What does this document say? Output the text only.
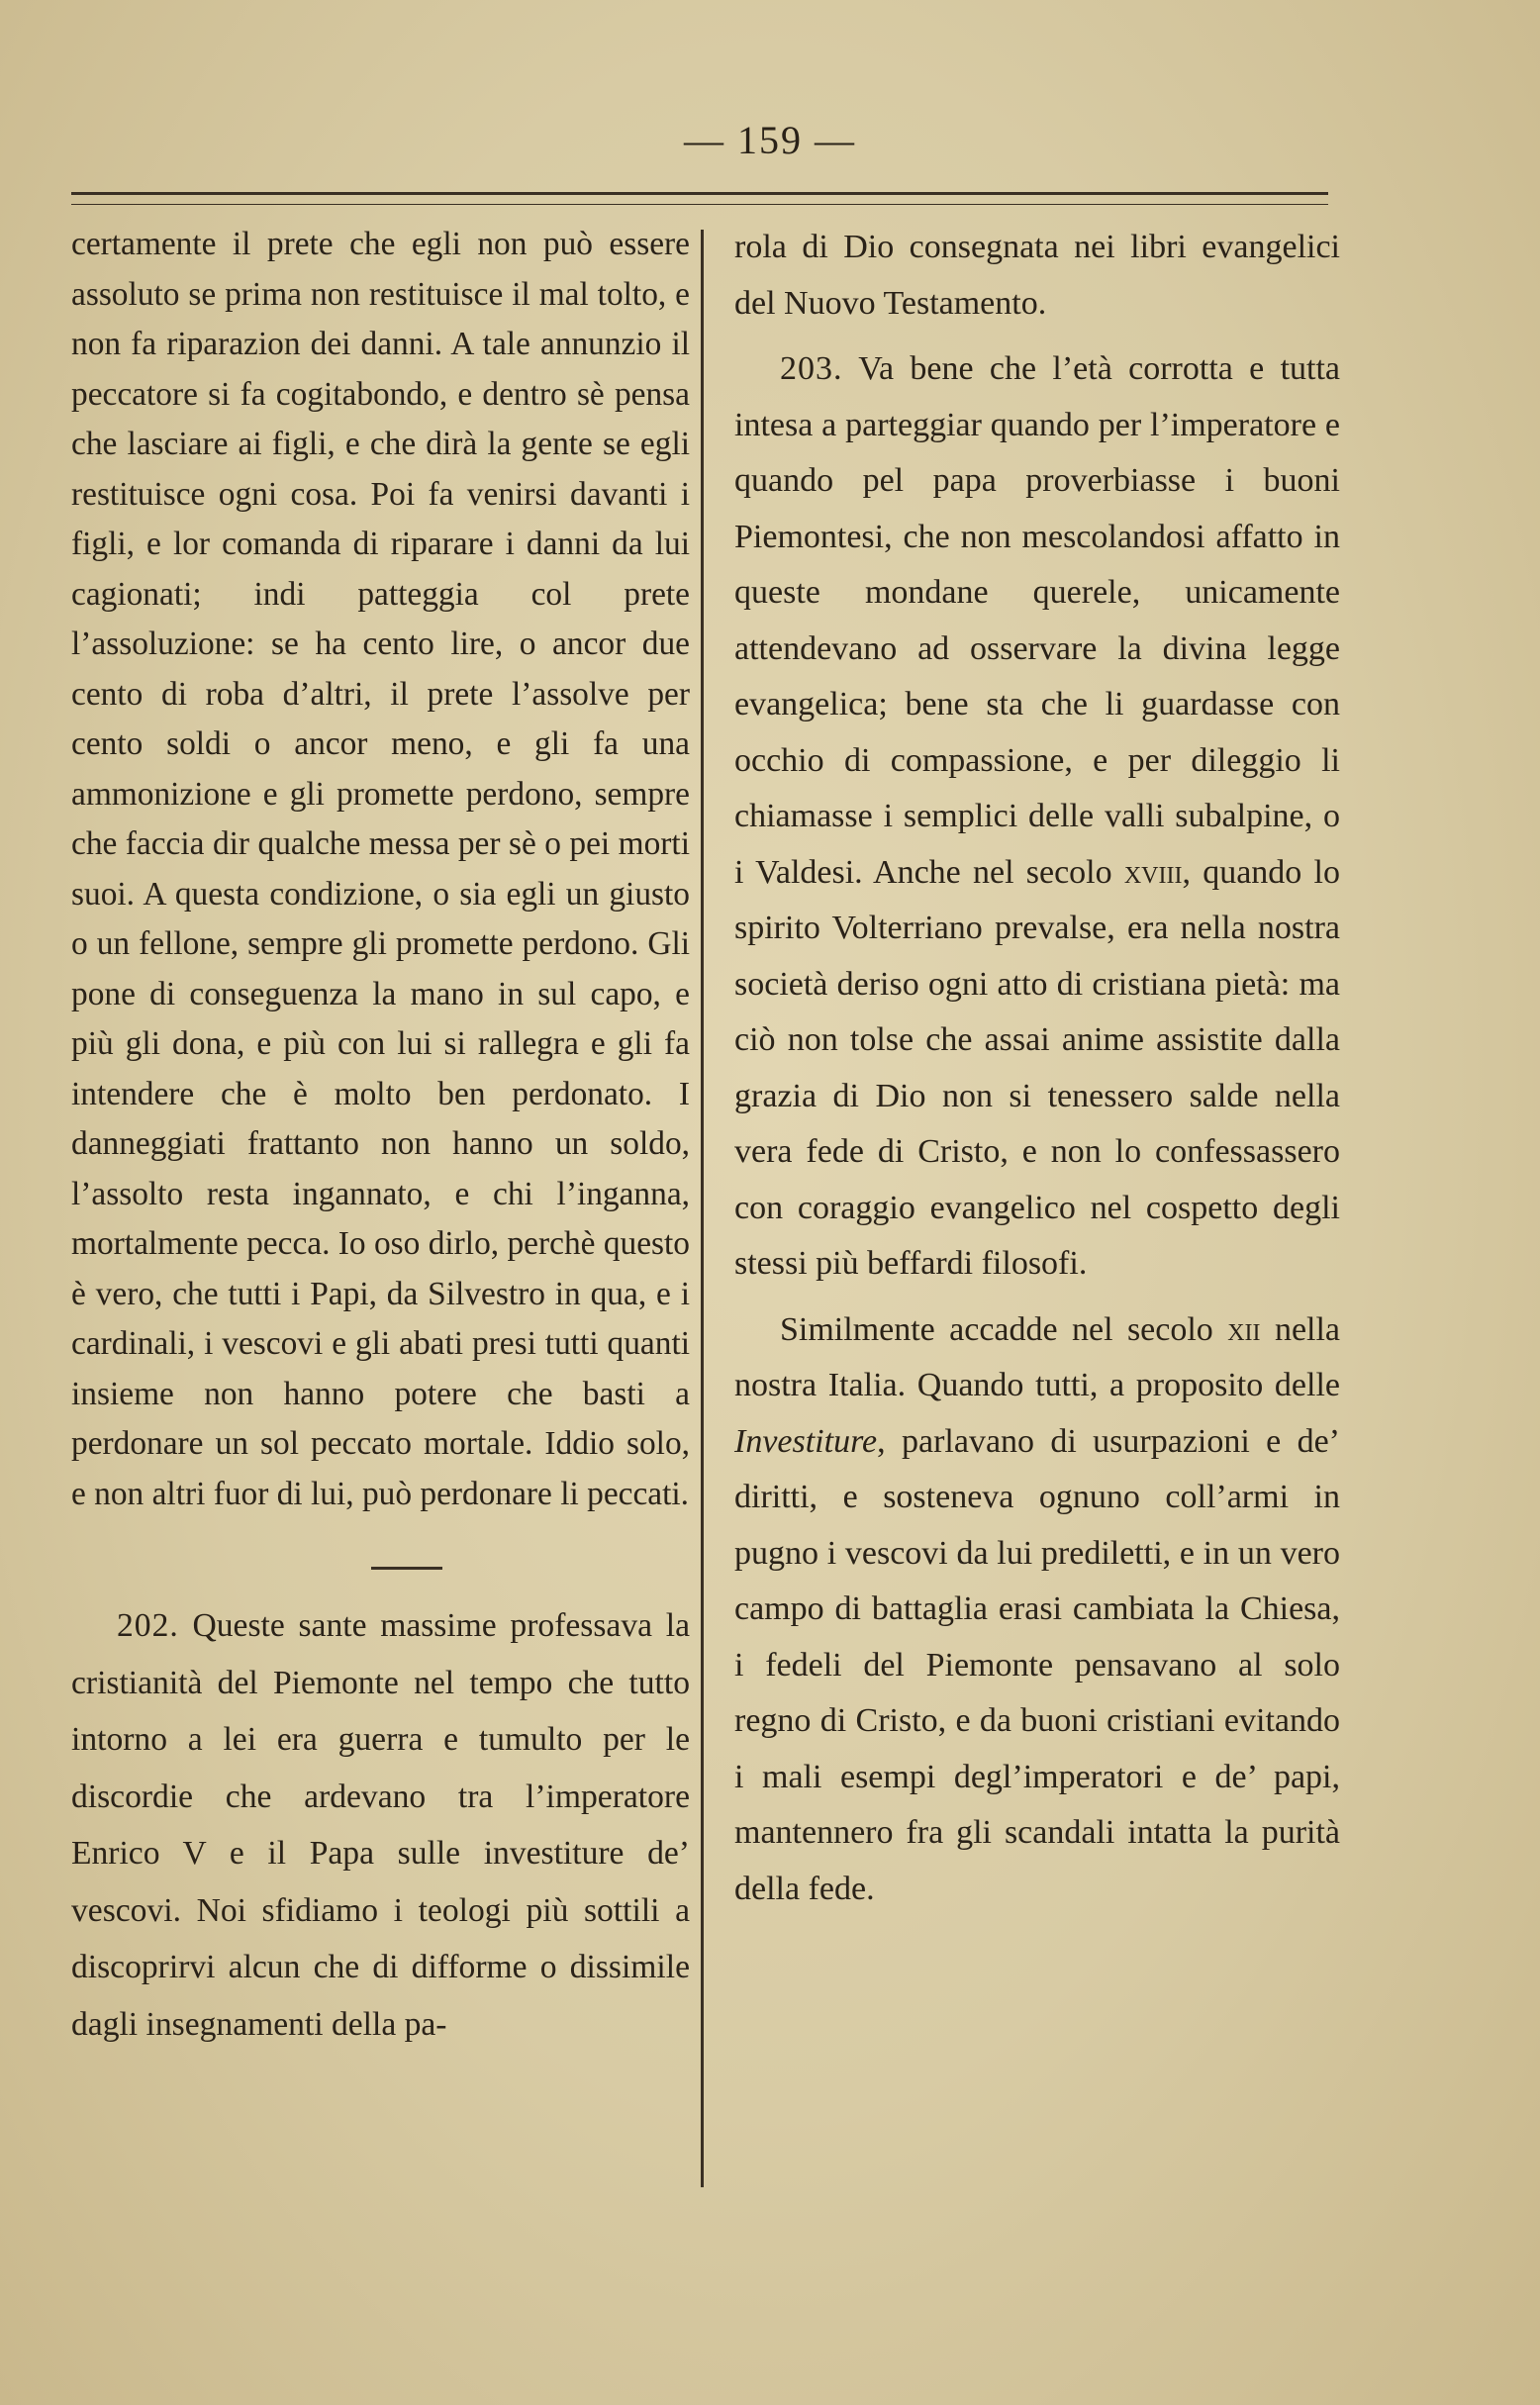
— 159 —

certamente il prete che egli non può essere assoluto se prima non restituisce il mal tolto, e non fa riparazion dei danni. A tale annunzio il peccatore si fa cogitabondo, e dentro sè pensa che lasciare ai figli, e che dirà la gente se egli restituisce ogni cosa. Poi fa venirsi davanti i figli, e lor comanda di riparare i danni da lui cagionati; indi patteggia col prete l’assoluzione: se ha cento lire, o ancor due cento di roba d’altri, il prete l’assolve per cento soldi o ancor meno, e gli fa una ammonizione e gli promette perdono, sempre che faccia dir qualche messa per sè o pei morti suoi. A questa condizione, o sia egli un giusto o un fellone, sempre gli promette perdono. Gli pone di conseguenza la mano in sul capo, e più gli dona, e più con lui si rallegra e gli fa intendere che è molto ben perdonato. I danneggiati frattanto non hanno un soldo, l’assolto resta ingannato, e chi l’inganna, mortalmente pecca. Io oso dirlo, perchè questo è vero, che tutti i Papi, da Silvestro in qua, e i cardinali, i vescovi e gli abati presi tutti quanti insieme non hanno potere che basti a perdonare un sol peccato mortale. Iddio solo, e non altri fuor di lui, può perdonare li peccati.

202. Queste sante massime professava la cristianità del Piemonte nel tempo che tutto intorno a lei era guerra e tumulto per le discordie che ardevano tra l’imperatore Enrico V e il Papa sulle investiture de’ vescovi. Noi sfidiamo i teologi più sottili a discoprirvi alcun che di difforme o dissimile dagli insegnamenti della pa-

rola di Dio consegnata nei libri evangelici del Nuovo Testamento.

203. Va bene che l’età corrotta e tutta intesa a parteggiar quando per l’imperatore e quando pel papa proverbiasse i buoni Piemontesi, che non mescolandosi affatto in queste mondane querele, unicamente attendevano ad osservare la divina legge evangelica; bene sta che li guardasse con occhio di compassione, e per dileggio li chiamasse i semplici delle valli subalpine, o i Valdesi. Anche nel secolo xviii, quando lo spirito Volterriano prevalse, era nella nostra società deriso ogni atto di cristiana pietà: ma ciò non tolse che assai anime assistite dalla grazia di Dio non si tenessero salde nella vera fede di Cristo, e non lo confessassero con coraggio evangelico nel cospetto degli stessi più beffardi filosofi.

Similmente accadde nel secolo xii nella nostra Italia. Quando tutti, a proposito delle Investiture, parlavano di usurpazioni e de’ diritti, e sosteneva ognuno coll’armi in pugno i vescovi da lui prediletti, e in un vero campo di battaglia erasi cambiata la Chiesa, i fedeli del Piemonte pensavano al solo regno di Cristo, e da buoni cristiani evitando i mali esempi degl’imperatori e de’ papi, mantennero fra gli scandali intatta la purità della fede.
